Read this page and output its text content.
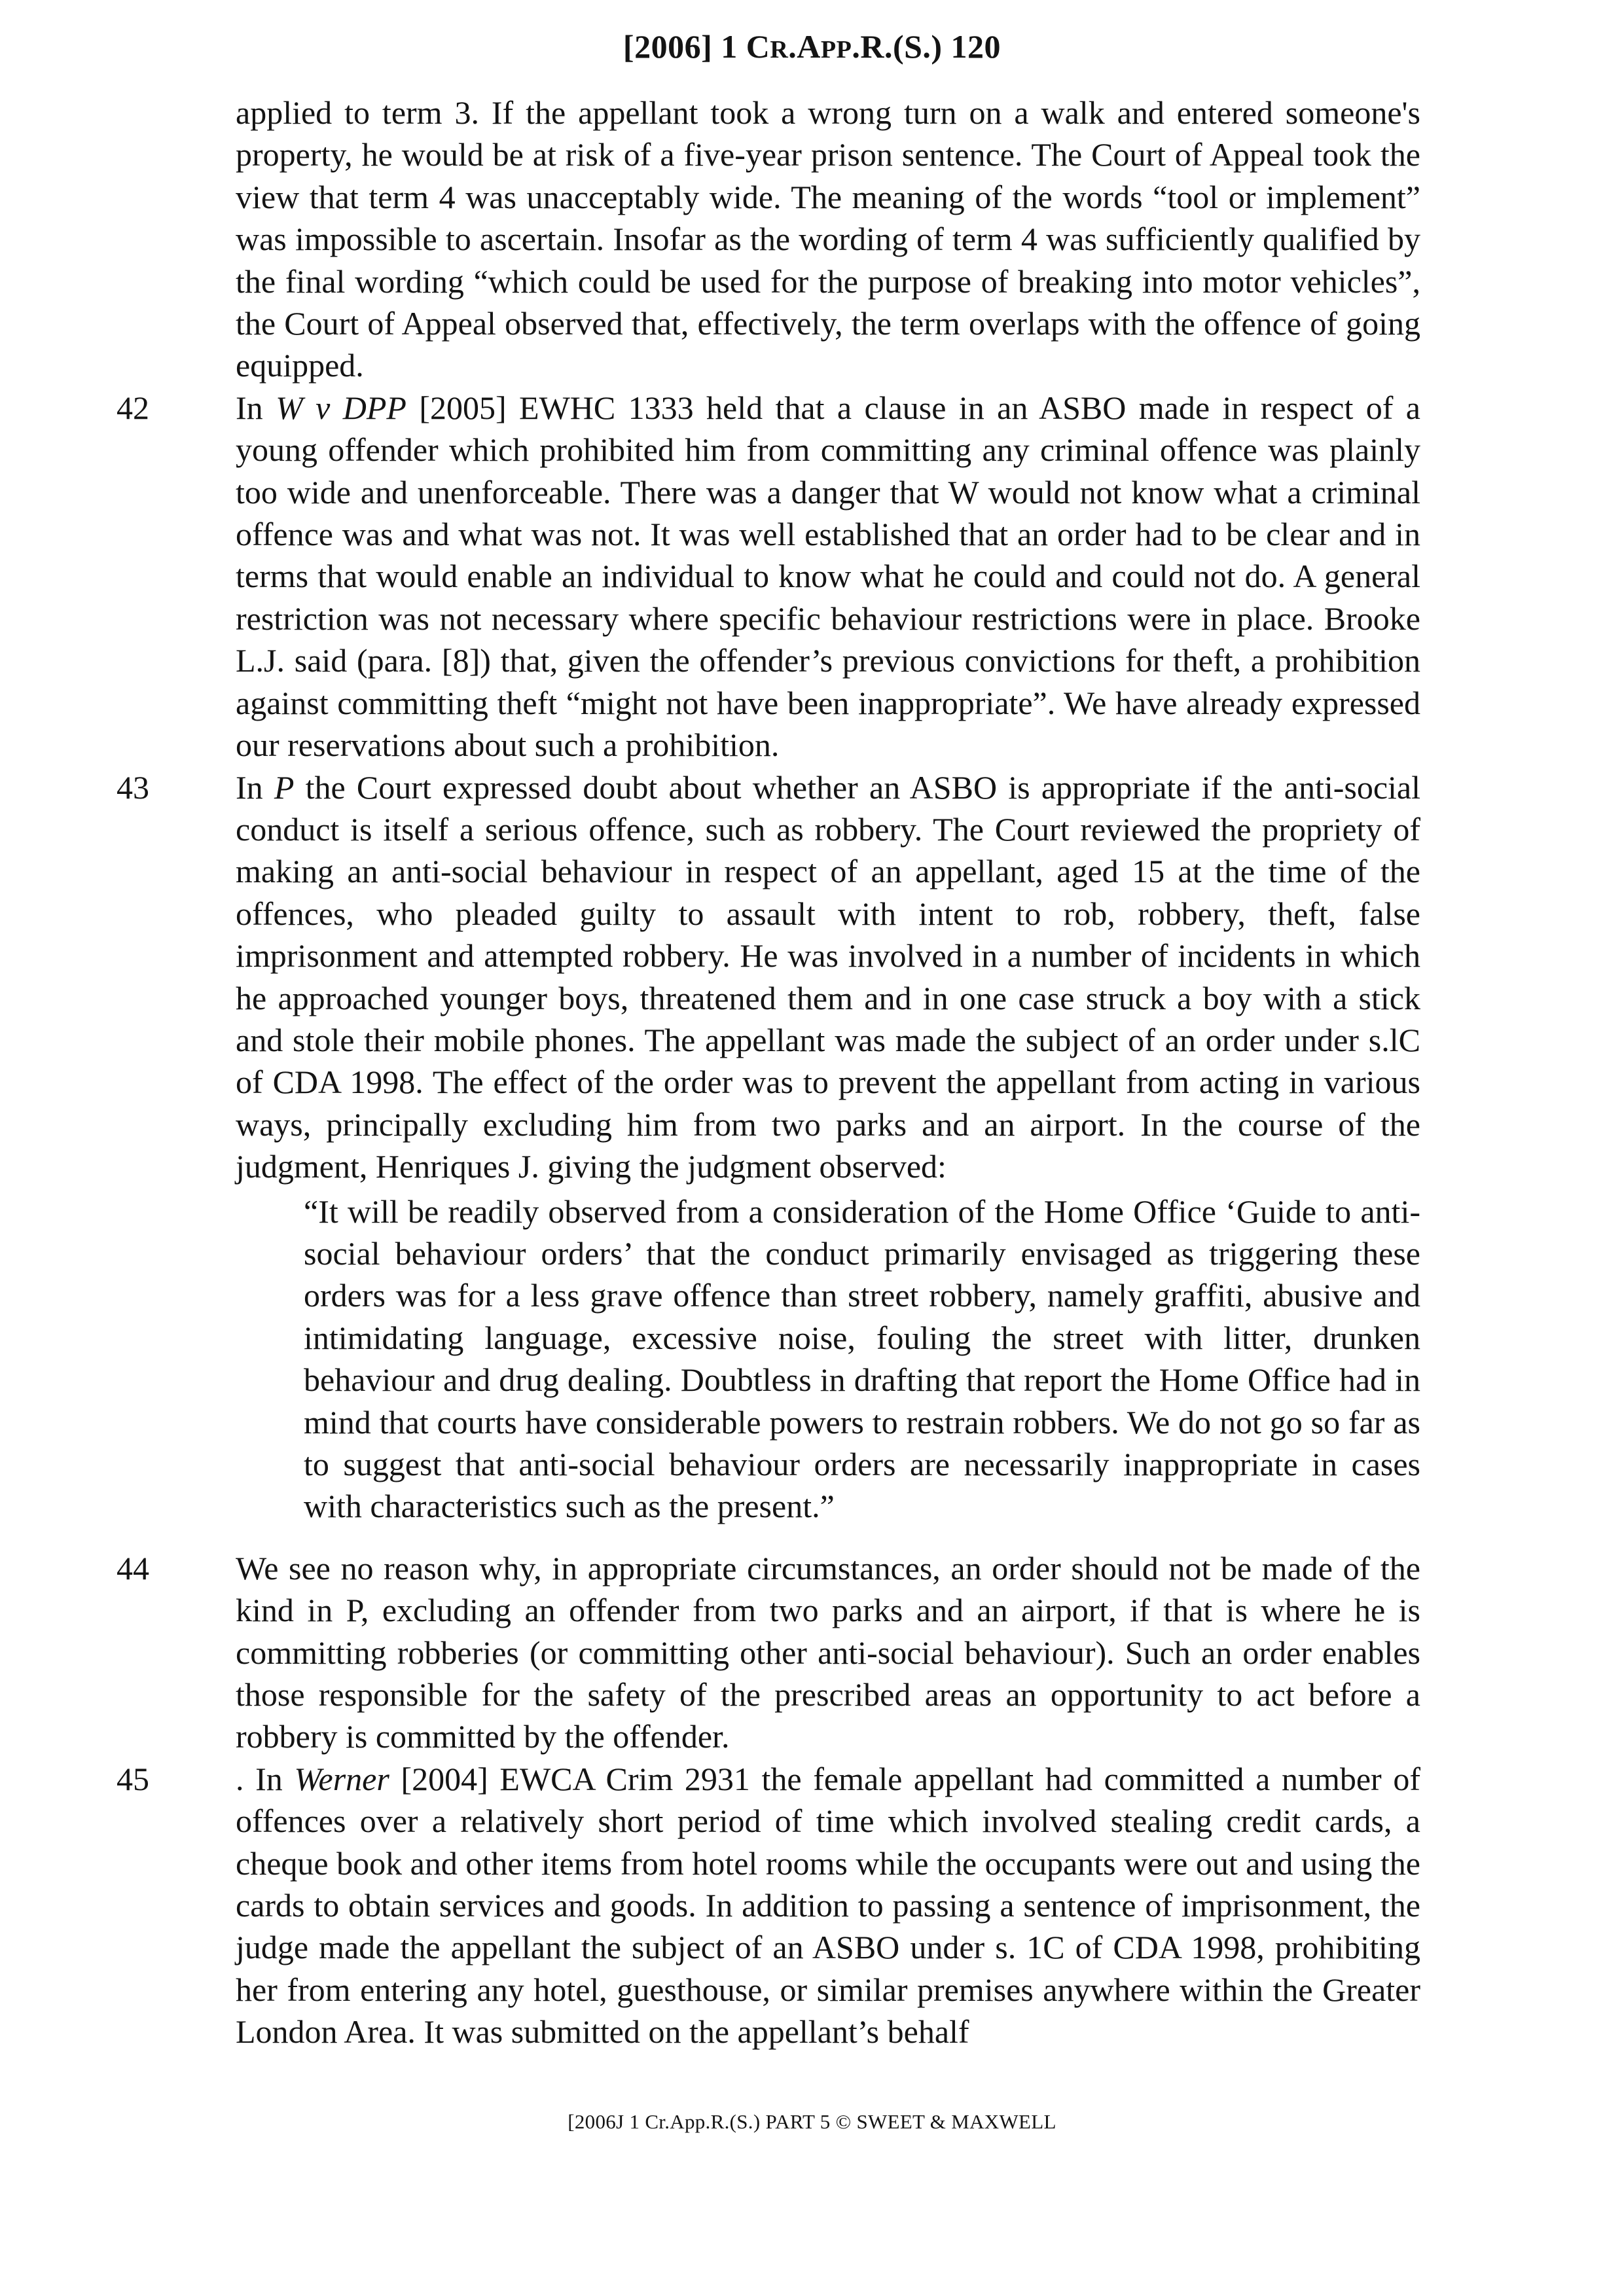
[2006] 1 CR.APP.R.(S.) 120

applied to term 3. If the appellant took a wrong turn on a walk and entered someone's property, he would be at risk of a five-year prison sentence. The Court of Appeal took the view that term 4 was unacceptably wide. The meaning of the words “tool or implement” was impossible to ascertain. Insofar as the wording of term 4 was sufficiently qualified by the final wording “which could be used for the purpose of breaking into motor vehicles”, the Court of Appeal observed that, effectively, the term overlaps with the offence of going equipped.

42	In W v DPP [2005] EWHC 1333 held that a clause in an ASBO made in respect of a young offender which prohibited him from committing any criminal offence was plainly too wide and unenforceable. There was a danger that W would not know what a criminal offence was and what was not. It was well established that an order had to be clear and in terms that would enable an individual to know what he could and could not do. A general restriction was not necessary where specific behaviour restrictions were in place. Brooke L.J. said (para. [8]) that, given the offender’s previous convictions for theft, a prohibition against committing theft “might not have been inappropriate”. We have already expressed our reservations about such a prohibition.

43	In P the Court expressed doubt about whether an ASBO is appropriate if the anti-social conduct is itself a serious offence, such as robbery. The Court reviewed the propriety of making an anti-social behaviour in respect of an appellant, aged 15 at the time of the offences, who pleaded guilty to assault with intent to rob, robbery, theft, false imprisonment and attempted robbery. He was involved in a number of incidents in which he approached younger boys, threatened them and in one case struck a boy with a stick and stole their mobile phones. The appellant was made the subject of an order under s.lC of CDA 1998. The effect of the order was to prevent the appellant from acting in various ways, principally excluding him from two parks and an airport. In the course of the judgment, Henriques J. giving the judgment observed:

“It will be readily observed from a consideration of the Home Office ‘Guide to anti-social behaviour orders’ that the conduct primarily envisaged as triggering these orders was for a less grave offence than street robbery, namely graffiti, abusive and intimidating language, excessive noise, fouling the street with litter, drunken behaviour and drug dealing. Doubtless in drafting that report the Home Office had in mind that courts have considerable powers to restrain robbers. We do not go so far as to suggest that anti-social behaviour orders are necessarily inappropriate in cases with characteristics such as the present.”

44	We see no reason why, in appropriate circumstances, an order should not be made of the kind in P, excluding an offender from two parks and an airport, if that is where he is committing robberies (or committing other anti-social behaviour). Such an order enables those responsible for the safety of the prescribed areas an opportunity to act before a robbery is committed by the offender.

45	. In Werner [2004] EWCA Crim 2931 the female appellant had committed a number of offences over a relatively short period of time which involved stealing credit cards, a cheque book and other items from hotel rooms while the occupants were out and using the cards to obtain services and goods. In addition to passing a sentence of imprisonment, the judge made the appellant the subject of an ASBO under s. 1C of CDA 1998, prohibiting her from entering any hotel, guesthouse, or similar premises anywhere within the Greater London Area. It was submitted on the appellant’s behalf

[2006J 1 Cr.App.R.(S.) PART 5 © SWEET & MAXWELL
